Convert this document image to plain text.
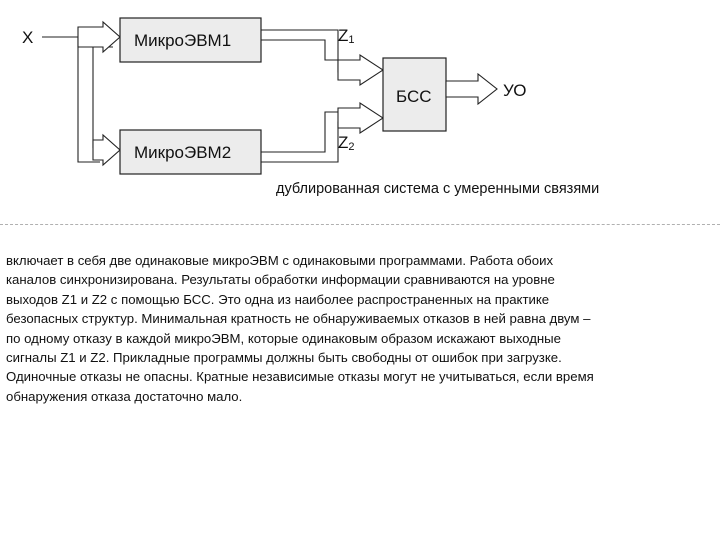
X	МикроЭВМ1
МикроЭВМ2
Z1
Z2
БСС	УО
дублированная система с умеренными связями

включает в себя две одинаковые микроЭВМ с одинаковыми программами. Работа обоих
каналов синхронизирована. Результаты обработки информации сравниваются на уровне
выходов Z1 и Z2 с помощью БСС. Это одна из наиболее распространенных на практике
безопасных структур. Минимальная кратность не обнаруживаемых отказов в ней равна двум –
по одному отказу в каждой микроЭВМ, которые одинаковым образом искажают выходные
сигналы Z1 и Z2. Прикладные программы должны быть свободны от ошибок при загрузке.
Одиночные отказы не опасны. Кратные независимые отказы могут не учитываться, если время
обнаружения отказа достаточно мало.
